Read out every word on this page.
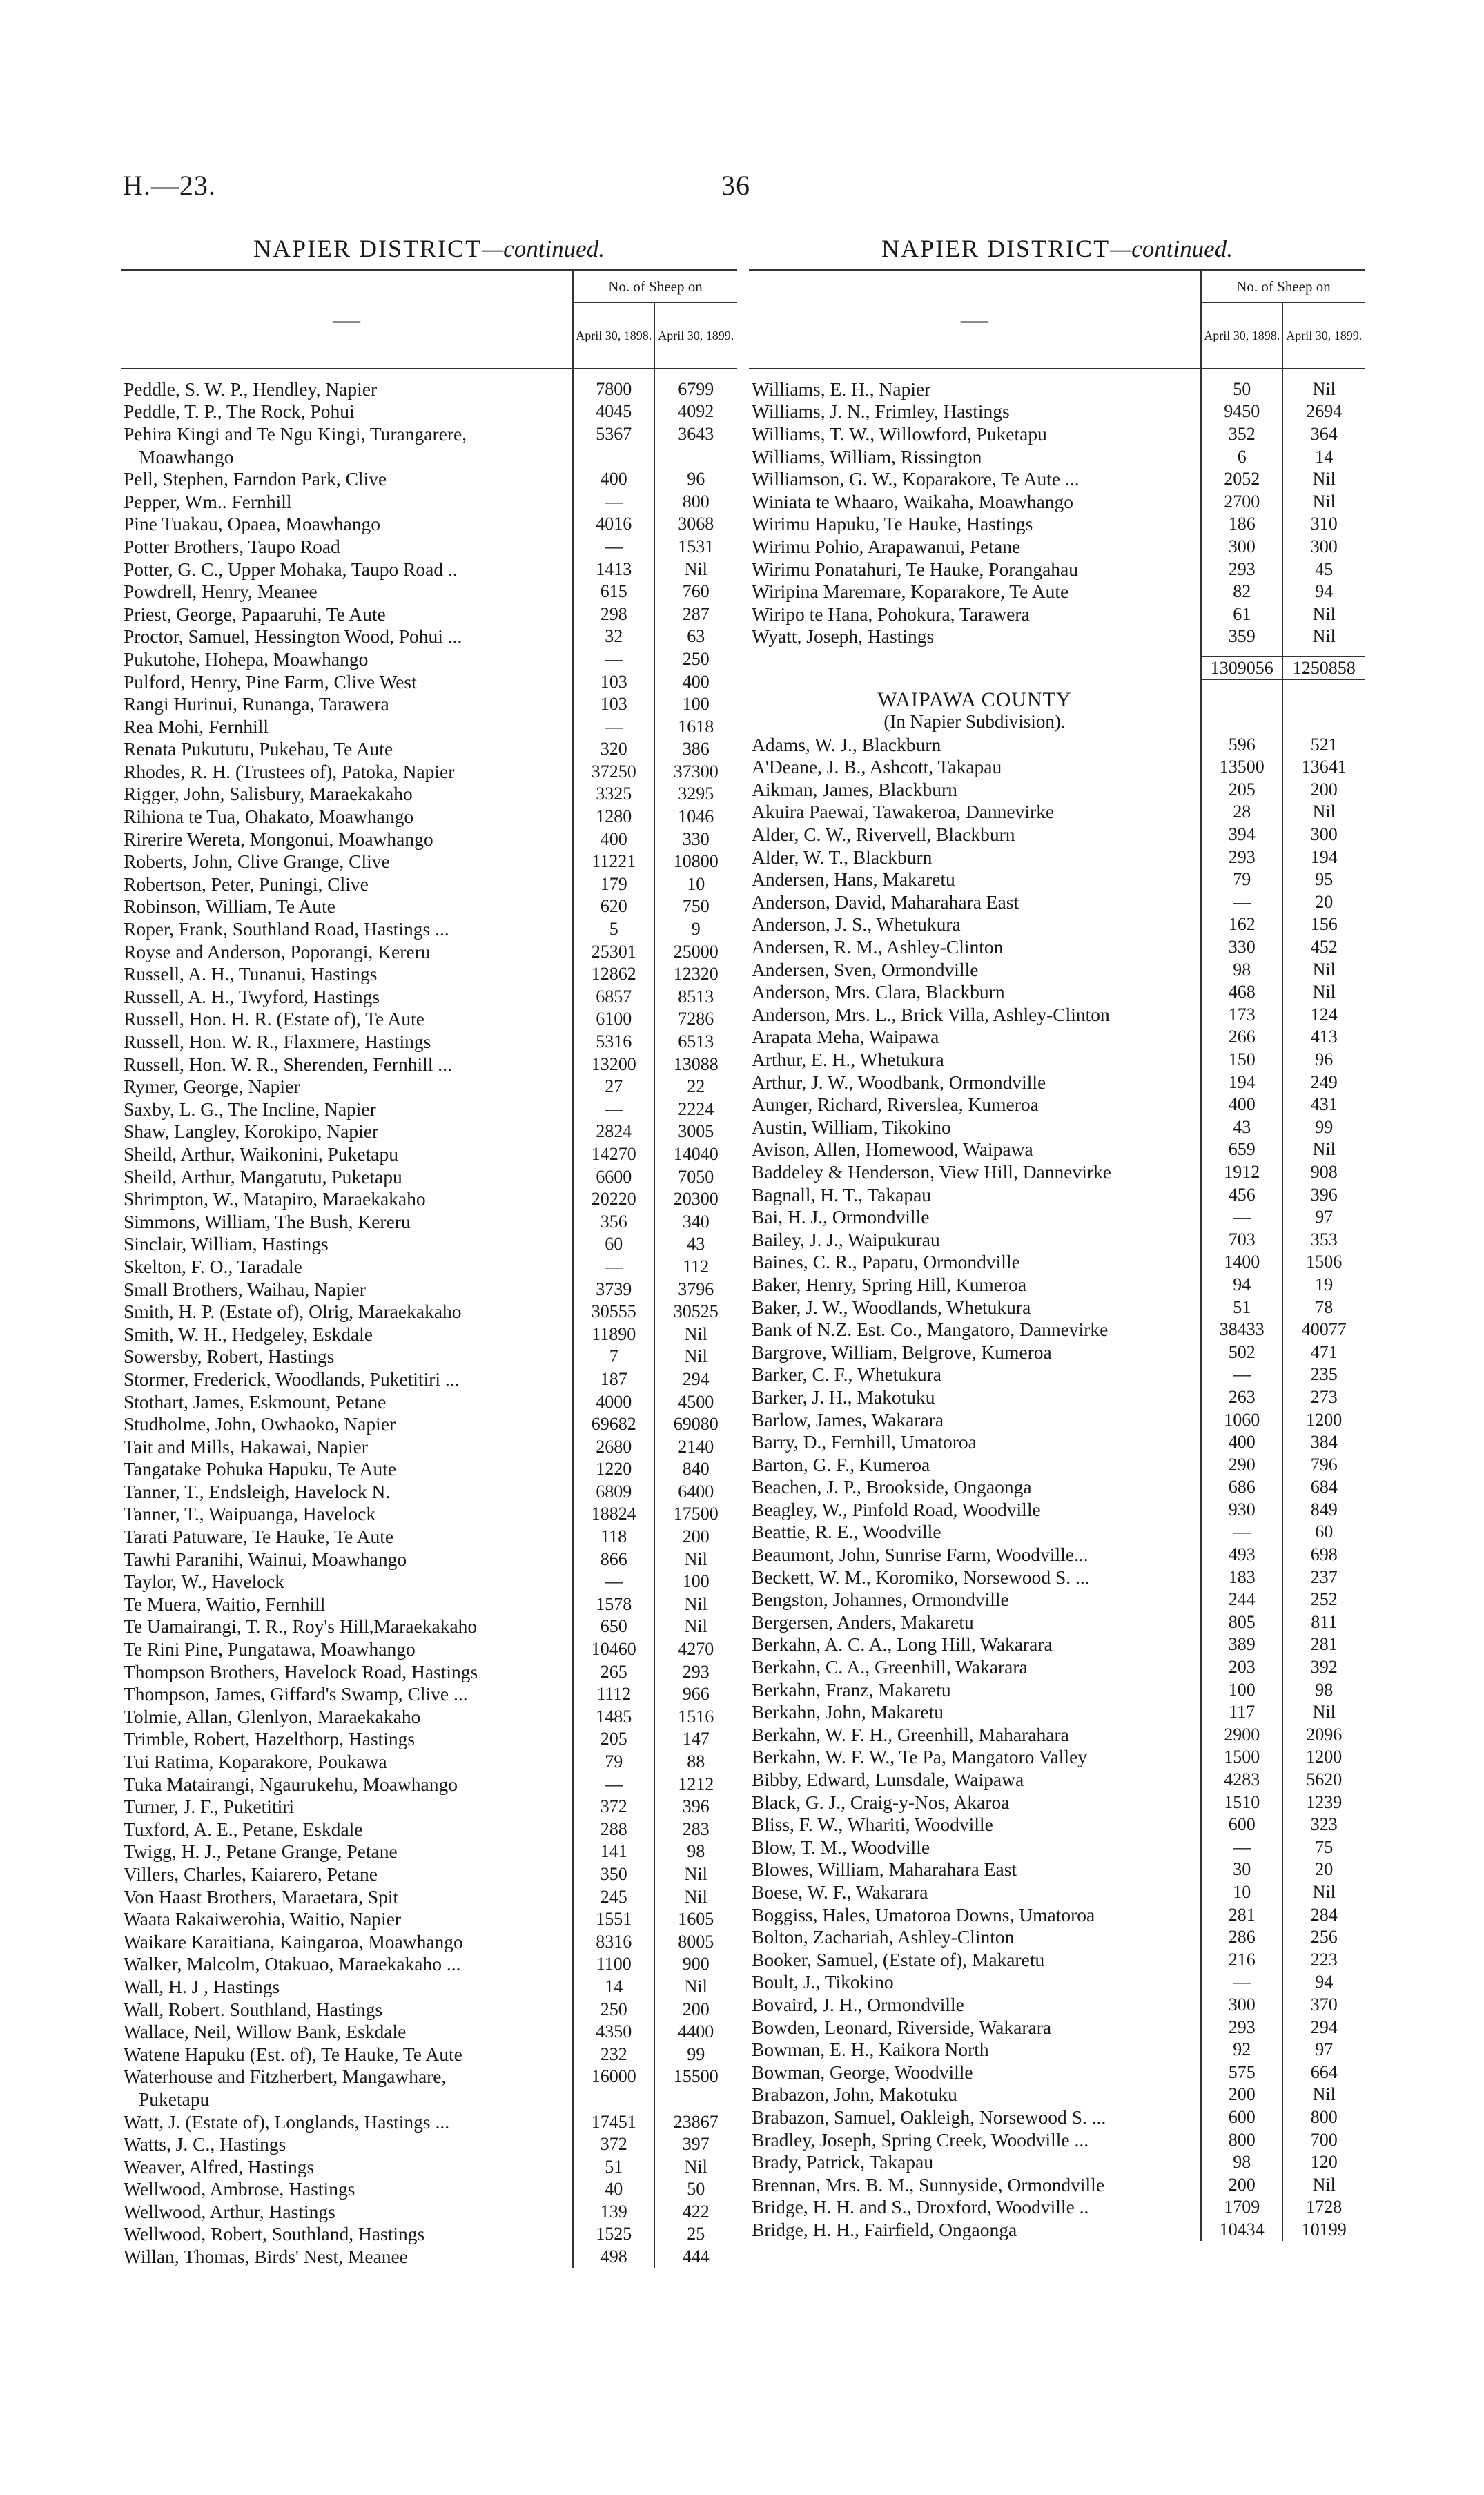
H.—23.	36
NAPIER DISTRICT—continued.
—	No. of Sheep on	
	April 30, 1898.	April 30, 1899.

Peddle, S. W. P., Hendley, Napier	7800	6799
Peddle, T. P., The Rock, Pohui	4045	4092
Pehira Kingi and Te Ngu Kingi, Turangarere,	5367	3643
Moawhango		
Pell, Stephen, Farndon Park, Clive	400	96
Pepper, Wm.. Fernhill	—	800
Pine Tuakau, Opaea, Moawhango	4016	3068
Potter Brothers, Taupo Road	—	1531
Potter, G. C., Upper Mohaka, Taupo Road ..	1413	Nil
Powdrell, Henry, Meanee	615	760
Priest, George, Papaaruhi, Te Aute	298	287
Proctor, Samuel, Hessington Wood, Pohui ...	32	63
Pukutohe, Hohepa, Moawhango	—	250
Pulford, Henry, Pine Farm, Clive West	103	400
Rangi Hurinui, Runanga, Tarawera	103	100
Rea Mohi, Fernhill	—	1618
Renata Pukututu, Pukehau, Te Aute	320	386
Rhodes, R. H. (Trustees of), Patoka, Napier	37250	37300
Rigger, John, Salisbury, Maraekakaho	3325	3295
Rihiona te Tua, Ohakato, Moawhango	1280	1046
Rirerire Wereta, Mongonui, Moawhango	400	330
Roberts, John, Clive Grange, Clive	11221	10800
Robertson, Peter, Puningi, Clive	179	10
Robinson, William, Te Aute	620	750
Roper, Frank, Southland Road, Hastings ...	5	9
Royse and Anderson, Poporangi, Kereru	25301	25000
Russell, A. H., Tunanui, Hastings	12862	12320
Russell, A. H., Twyford, Hastings	6857	8513
Russell, Hon. H. R. (Estate of), Te Aute	6100	7286
Russell, Hon. W. R., Flaxmere, Hastings	5316	6513
Russell, Hon. W. R., Sherenden, Fernhill ...	13200	13088
Rymer, George, Napier	27	22
Saxby, L. G., The Incline, Napier	—	2224
Shaw, Langley, Korokipo, Napier	2824	3005
Sheild, Arthur, Waikonini, Puketapu	14270	14040
Sheild, Arthur, Mangatutu, Puketapu	6600	7050
Shrimpton, W., Matapiro, Maraekakaho	20220	20300
Simmons, William, The Bush, Kereru	356	340
Sinclair, William, Hastings	60	43
Skelton, F. O., Taradale	—	112
Small Brothers, Waihau, Napier	3739	3796
Smith, H. P. (Estate of), Olrig, Maraekakaho	30555	30525
Smith, W. H., Hedgeley, Eskdale	11890	Nil
Sowersby, Robert, Hastings	7	Nil
Stormer, Frederick, Woodlands, Puketitiri ...	187	294
Stothart, James, Eskmount, Petane	4000	4500
Studholme, John, Owhaoko, Napier	69682	69080
Tait and Mills, Hakawai, Napier	2680	2140
Tangatake Pohuka Hapuku, Te Aute	1220	840
Tanner, T., Endsleigh, Havelock N.	6809	6400
Tanner, T., Waipuanga, Havelock	18824	17500
Tarati Patuware, Te Hauke, Te Aute	118	200
Tawhi Paranihi, Wainui, Moawhango	866	Nil
Taylor, W., Havelock	—	100
Te Muera, Waitio, Fernhill	1578	Nil
Te Uamairangi, T. R., Roy's Hill,Maraekakaho	650	Nil
Te Rini Pine, Pungatawa, Moawhango	10460	4270
Thompson Brothers, Havelock Road, Hastings	265	293
Thompson, James, Giffard's Swamp, Clive ...	1112	966
Tolmie, Allan, Glenlyon, Maraekakaho	1485	1516
Trimble, Robert, Hazelthorp, Hastings	205	147
Tui Ratima, Koparakore, Poukawa	79	88
Tuka Matairangi, Ngaurukehu, Moawhango	—	1212
Turner, J. F., Puketitiri	372	396
Tuxford, A. E., Petane, Eskdale	288	283
Twigg, H. J., Petane Grange, Petane	141	98
Villers, Charles, Kaiarero, Petane	350	Nil
Von Haast Brothers, Maraetara, Spit	245	Nil
Waata Rakaiwerohia, Waitio, Napier	1551	1605
Waikare Karaitiana, Kaingaroa, Moawhango	8316	8005
Walker, Malcolm, Otakuao, Maraekakaho ...	1100	900
Wall, H. J , Hastings	14	Nil
Wall, Robert. Southland, Hastings	250	200
Wallace, Neil, Willow Bank, Eskdale	4350	4400
Watene Hapuku (Est. of), Te Hauke, Te Aute	232	99
Waterhouse and Fitzherbert, Mangawhare,	16000	15500
Puketapu		
Watt, J. (Estate of), Longlands, Hastings ...	17451	23867
Watts, J. C., Hastings	372	397
Weaver, Alfred, Hastings	51	Nil
Wellwood, Ambrose, Hastings	40	50
Wellwood, Arthur, Hastings	139	422
Wellwood, Robert, Southland, Hastings	1525	25
Willan, Thomas, Birds' Nest, Meanee	498	444
NAPIER DISTRICT—continued.
—	No. of Sheep on	
	April 30, 1898.	April 30, 1899.

Williams, E. H., Napier	50	Nil
Williams, J. N., Frimley, Hastings	9450	2694
Williams, T. W., Willowford, Puketapu	352	364
Williams, William, Rissington	6	14
Williamson, G. W., Koparakore, Te Aute ...	2052	Nil
Winiata te Whaaro, Waikaha, Moawhango	2700	Nil
Wirimu Hapuku, Te Hauke, Hastings	186	310
Wirimu Pohio, Arapawanui, Petane	300	300
Wirimu Ponatahuri, Te Hauke, Porangahau	293	45
Wiripina Maremare, Koparakore, Te Aute	82	94
Wiripo te Hana, Pohokura, Tarawera	61	Nil
Wyatt, Joseph, Hastings	359	Nil

	1309056	1250858

WAIPAWA COUNTY		
(In Napier Subdivision).		
Adams, W. J., Blackburn	596	521
A'Deane, J. B., Ashcott, Takapau	13500	13641
Aikman, James, Blackburn	205	200
Akuira Paewai, Tawakeroa, Dannevirke	28	Nil
Alder, C. W., Rivervell, Blackburn	394	300
Alder, W. T., Blackburn	293	194
Andersen, Hans, Makaretu	79	95
Anderson, David, Maharahara East	—	20
Anderson, J. S., Whetukura	162	156
Andersen, R. M., Ashley-Clinton	330	452
Andersen, Sven, Ormondville	98	Nil
Anderson, Mrs. Clara, Blackburn	468	Nil
Anderson, Mrs. L., Brick Villa, Ashley-Clinton	173	124
Arapata Meha, Waipawa	266	413
Arthur, E. H., Whetukura	150	96
Arthur, J. W., Woodbank, Ormondville	194	249
Aunger, Richard, Riverslea, Kumeroa	400	431
Austin, William, Tikokino	43	99
Avison, Allen, Homewood, Waipawa	659	Nil
Baddeley & Henderson, View Hill, Dannevirke	1912	908
Bagnall, H. T., Takapau	456	396
Bai, H. J., Ormondville	—	97
Bailey, J. J., Waipukurau	703	353
Baines, C. R., Papatu, Ormondville	1400	1506
Baker, Henry, Spring Hill, Kumeroa	94	19
Baker, J. W., Woodlands, Whetukura	51	78
Bank of N.Z. Est. Co., Mangatoro, Dannevirke	38433	40077
Bargrove, William, Belgrove, Kumeroa	502	471
Barker, C. F., Whetukura	—	235
Barker, J. H., Makotuku	263	273
Barlow, James, Wakarara	1060	1200
Barry, D., Fernhill, Umatoroa	400	384
Barton, G. F., Kumeroa	290	796
Beachen, J. P., Brookside, Ongaonga	686	684
Beagley, W., Pinfold Road, Woodville	930	849
Beattie, R. E., Woodville	—	60
Beaumont, John, Sunrise Farm, Woodville...	493	698
Beckett, W. M., Koromiko, Norsewood S. ...	183	237
Bengston, Johannes, Ormondville	244	252
Bergersen, Anders, Makaretu	805	811
Berkahn, A. C. A., Long Hill, Wakarara	389	281
Berkahn, C. A., Greenhill, Wakarara	203	392
Berkahn, Franz, Makaretu	100	98
Berkahn, John, Makaretu	117	Nil
Berkahn, W. F. H., Greenhill, Maharahara	2900	2096
Berkahn, W. F. W., Te Pa, Mangatoro Valley	1500	1200
Bibby, Edward, Lunsdale, Waipawa	4283	5620
Black, G. J., Craig-y-Nos, Akaroa	1510	1239
Bliss, F. W., Whariti, Woodville	600	323
Blow, T. M., Woodville	—	75
Blowes, William, Maharahara East	30	20
Boese, W. F., Wakarara	10	Nil
Boggiss, Hales, Umatoroa Downs, Umatoroa	281	284
Bolton, Zachariah, Ashley-Clinton	286	256
Booker, Samuel, (Estate of), Makaretu	216	223
Boult, J., Tikokino	—	94
Bovaird, J. H., Ormondville	300	370
Bowden, Leonard, Riverside, Wakarara	293	294
Bowman, E. H., Kaikora North	92	97
Bowman, George, Woodville	575	664
Brabazon, John, Makotuku	200	Nil
Brabazon, Samuel, Oakleigh, Norsewood S. ...	600	800
Bradley, Joseph, Spring Creek, Woodville ...	800	700
Brady, Patrick, Takapau	98	120
Brennan, Mrs. B. M., Sunnyside, Ormondville	200	Nil
Bridge, H. H. and S., Droxford, Woodville ..	1709	1728
Bridge, H. H., Fairfield, Ongaonga	10434	10199
